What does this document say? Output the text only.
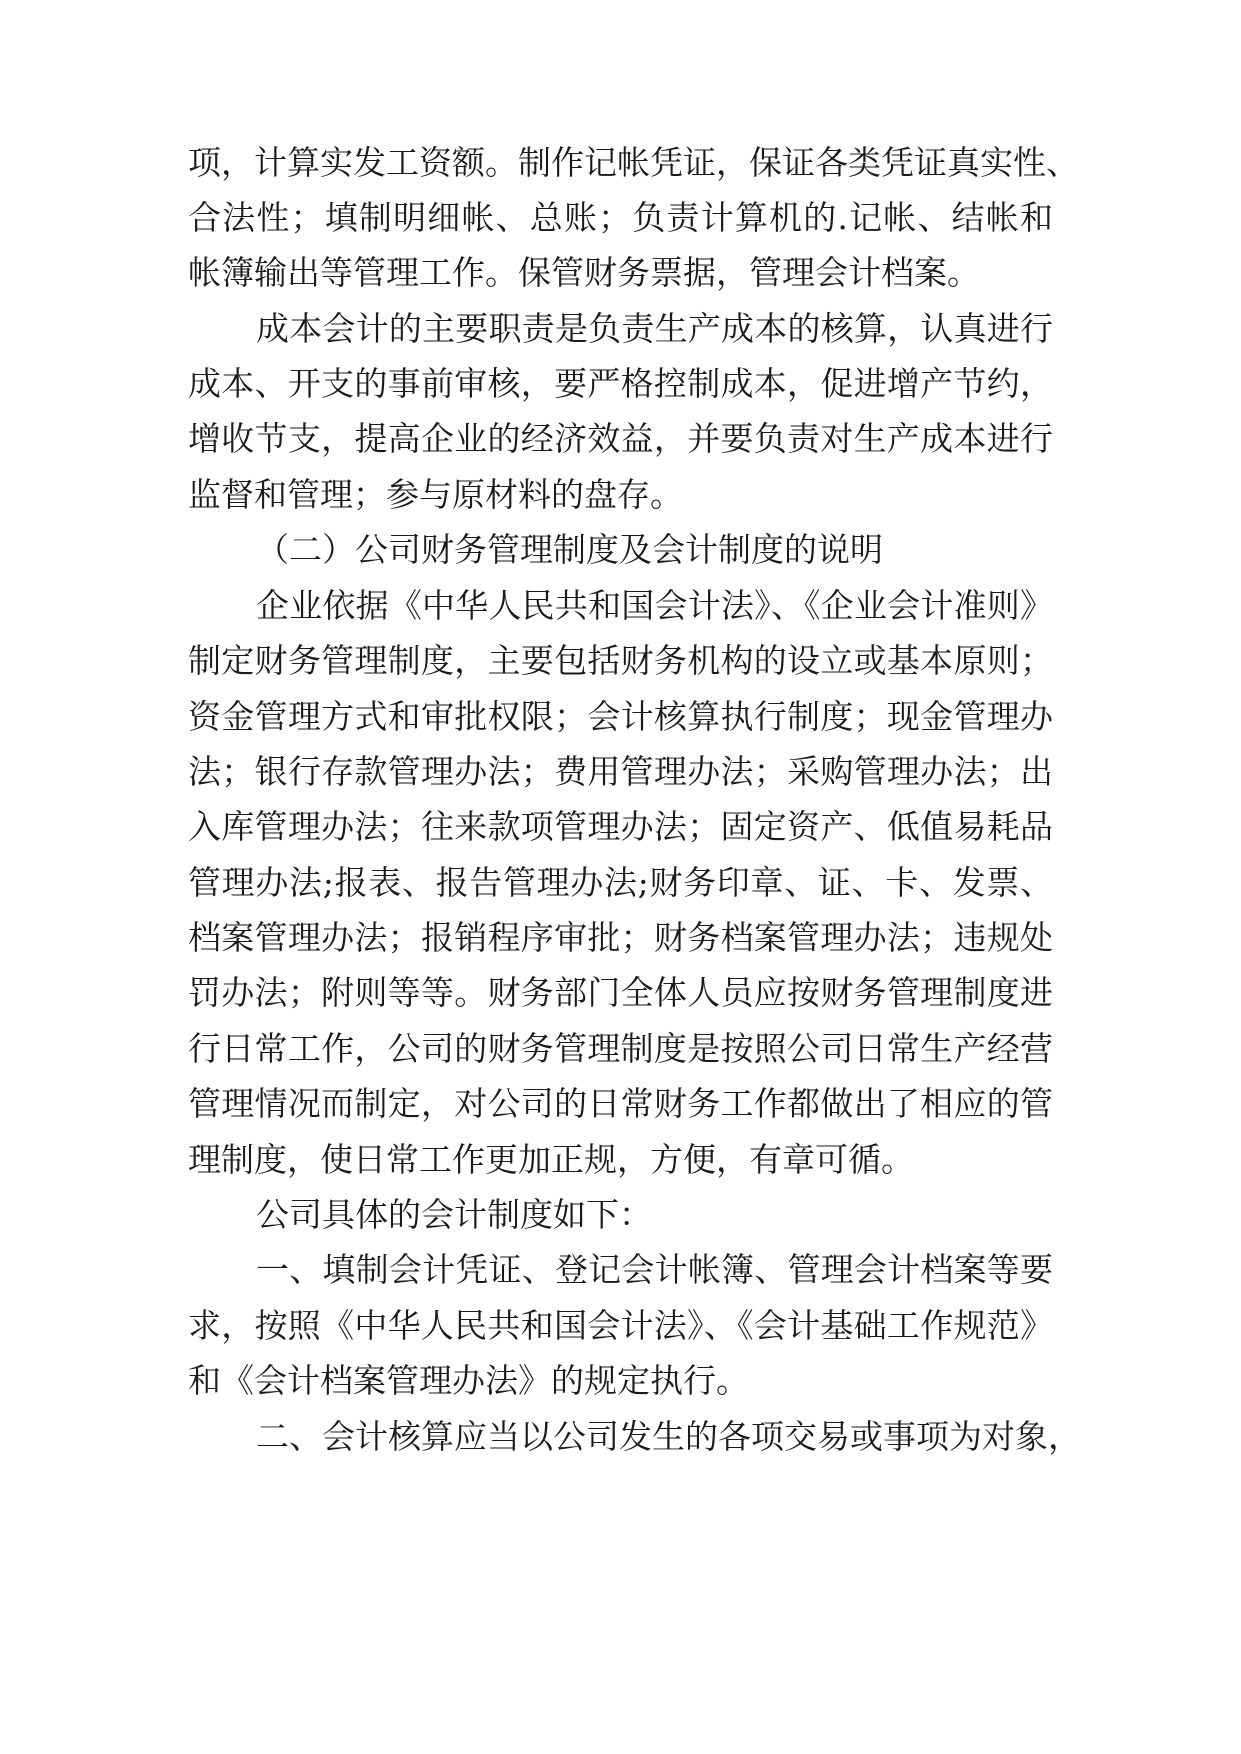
项，计算实发工资额。制作记帐凭证，保证各类凭证真实性、
合法性；填制明细帐、总账；负责计算机的.记帐、结帐和
帐簿输出等管理工作。保管财务票据，管理会计档案。
成本会计的主要职责是负责生产成本的核算，认真进行
成本、开支的事前审核，要严格控制成本，促进增产节约，
增收节支，提高企业的经济效益，并要负责对生产成本进行
监督和管理；参与原材料的盘存。
（二）公司财务管理制度及会计制度的说明
企业依据《中华人民共和国会计法》、《企业会计准则》
制定财务管理制度，主要包括财务机构的设立或基本原则；
资金管理方式和审批权限；会计核算执行制度；现金管理办
法；银行存款管理办法；费用管理办法；采购管理办法；出
入库管理办法；往来款项管理办法；固定资产、低值易耗品
管理办法;报表、报告管理办法;财务印章、证、卡、发票、
档案管理办法；报销程序审批；财务档案管理办法；违规处
罚办法；附则等等。财务部门全体人员应按财务管理制度进
行日常工作，公司的财务管理制度是按照公司日常生产经营
管理情况而制定，对公司的日常财务工作都做出了相应的管
理制度，使日常工作更加正规，方便，有章可循。
公司具体的会计制度如下：
一、填制会计凭证、登记会计帐簿、管理会计档案等要
求，按照《中华人民共和国会计法》、《会计基础工作规范》
和《会计档案管理办法》的规定执行。
二、会计核算应当以公司发生的各项交易或事项为对象，
